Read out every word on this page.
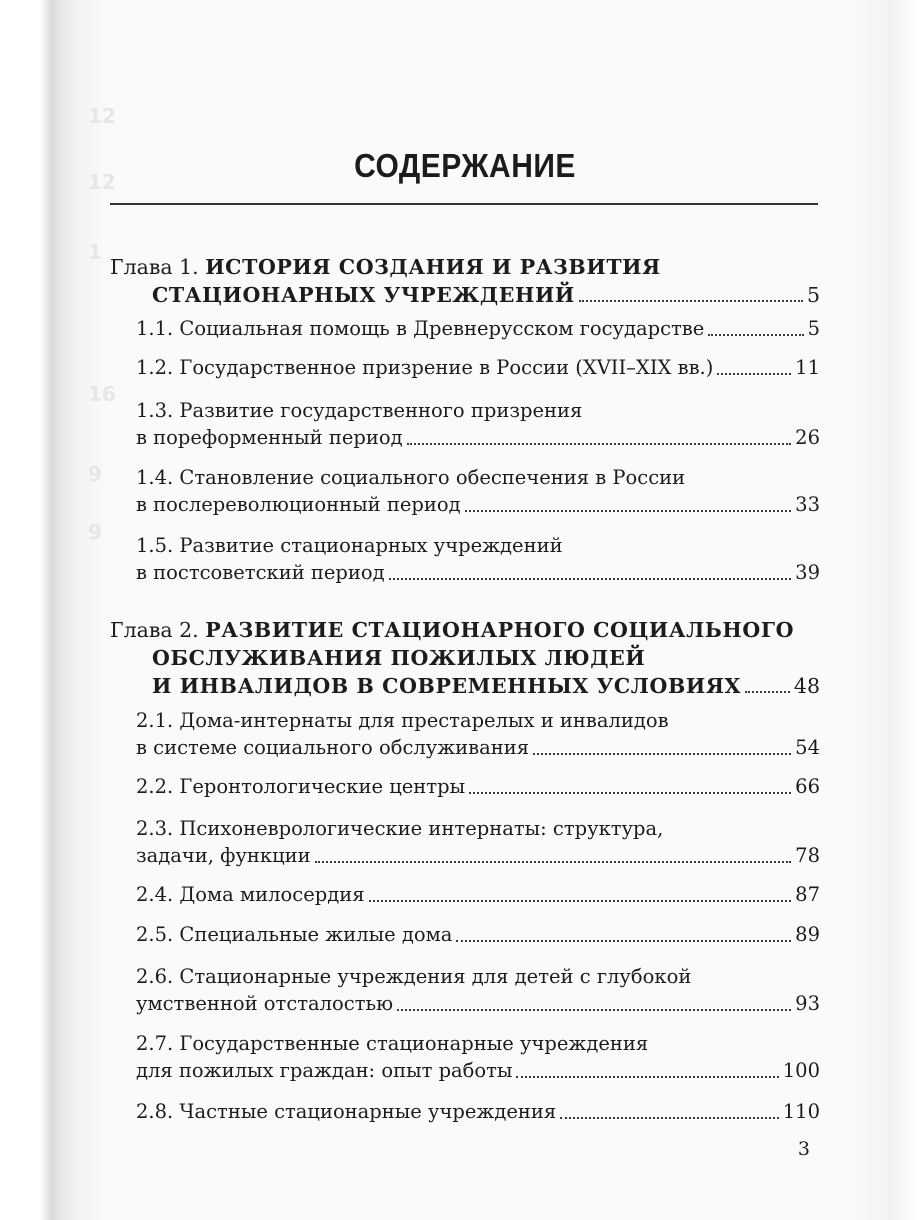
12
12
1
16
9
9
СОДЕРЖАНИЕ
Глава 1.
ИСТОРИЯ СОЗДАНИЯ И РАЗВИТИЯ
СТАЦИОНАРНЫХ УЧРЕЖДЕНИЙ	5
1.1. Социальная помощь в Древнерусском государстве	5
1.2. Государственное призрение в России (XVII–XIX вв.)	11
1.3. Развитие государственного призрения
в пореформенный период	26
1.4. Становление социального обеспечения в России
в послереволюционный период	33
1.5. Развитие стационарных учреждений
в постсоветский период	39
Глава 2.
РАЗВИТИЕ СТАЦИОНАРНОГО СОЦИАЛЬНОГО
ОБСЛУЖИВАНИЯ ПОЖИЛЫХ ЛЮДЕЙ
И ИНВАЛИДОВ В СОВРЕМЕННЫХ УСЛОВИЯХ	48
2.1. Дома-интернаты для престарелых и инвалидов
в системе социального обслуживания	54
2.2. Геронтологические центры	66
2.3. Психоневрологические интернаты: структура,
задачи, функции	78
2.4. Дома милосердия	87
2.5. Специальные жилые дома	89
2.6. Стационарные учреждения для детей с глубокой
умственной отсталостью	93
2.7. Государственные стационарные учреждения
для пожилых граждан: опыт работы	100
2.8. Частные стационарные учреждения	110
3
